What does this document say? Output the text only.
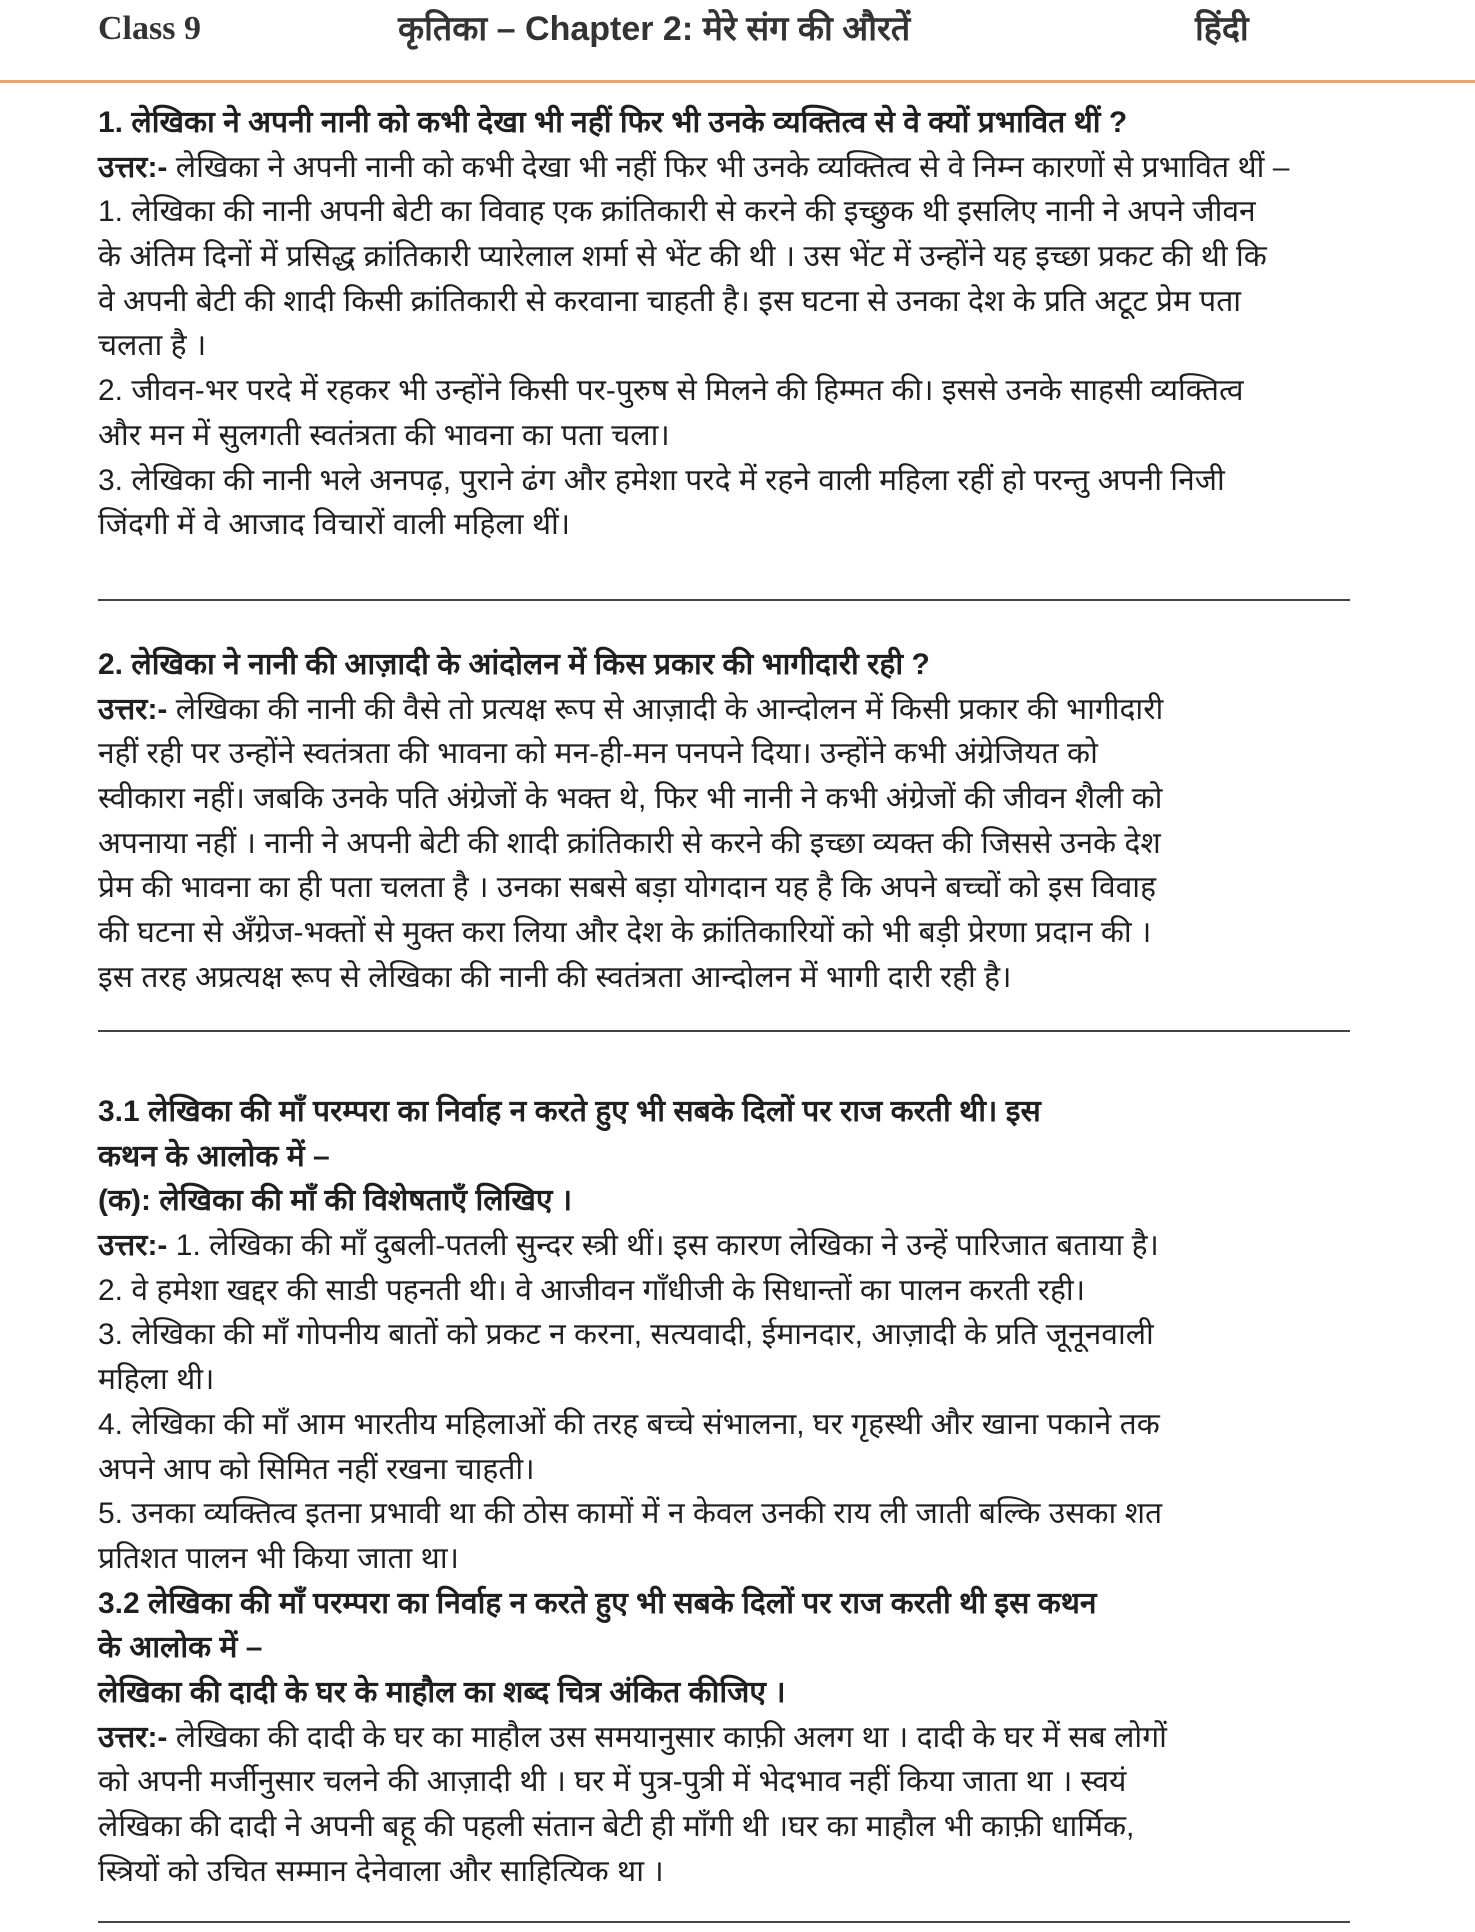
Class 9	कृतिका – Chapter 2: मेरे संग की औरतें	हिंदी
1. लेखिका ने अपनी नानी को कभी देखा भी नहीं फिर भी उनके व्यक्तित्व से वे क्यों प्रभावित थीं ?
उत्तर:- लेखिका ने अपनी नानी को कभी देखा भी नहीं फिर भी उनके व्यक्तित्व से वे निम्न कारणों से प्रभावित थीं –
1. लेखिका की नानी अपनी बेटी का विवाह एक क्रांतिकारी से करने की इच्छुक थी इसलिए नानी ने अपने जीवन
के अंतिम दिनों में प्रसिद्ध क्रांतिकारी प्यारेलाल शर्मा से भेंट की थी । उस भेंट में उन्होंने यह इच्छा प्रकट की थी कि
वे अपनी बेटी की शादी किसी क्रांतिकारी से करवाना चाहती है। इस घटना से उनका देश के प्रति अटूट प्रेम पता
चलता है ।
2. जीवन-भर परदे में रहकर भी उन्होंने किसी पर-पुरुष से मिलने की हिम्मत की। इससे उनके साहसी व्यक्तित्व
और मन में सुलगती स्वतंत्रता की भावना का पता चला।
3. लेखिका की नानी भले अनपढ़, पुराने ढंग और हमेशा परदे में रहने वाली महिला रहीं हो परन्तु अपनी निजी
जिंदगी में वे आजाद विचारों वाली महिला थीं।
2. लेखिका ने नानी की आज़ादी के आंदोलन में किस प्रकार की भागीदारी रही ?
उत्तर:- लेखिका की नानी की वैसे तो प्रत्यक्ष रूप से आज़ादी के आन्दोलन में किसी प्रकार की भागीदारी
नहीं रही पर उन्होंने स्वतंत्रता की भावना को मन-ही-मन पनपने दिया। उन्होंने कभी अंग्रेजियत को
स्वीकारा नहीं। जबकि उनके पति अंग्रेजों के भक्त थे, फिर भी नानी ने कभी अंग्रेजों की जीवन शैली को
अपनाया नहीं । नानी ने अपनी बेटी की शादी क्रांतिकारी से करने की इच्छा व्यक्त की जिससे उनके देश
प्रेम की भावना का ही पता चलता है । उनका सबसे बड़ा योगदान यह है कि अपने बच्चों को इस विवाह
की घटना से अँग्रेज-भक्तों से मुक्त करा लिया और देश के क्रांतिकारियों को भी बड़ी प्रेरणा प्रदान की ।
इस तरह अप्रत्यक्ष रूप से लेखिका की नानी की स्वतंत्रता आन्दोलन में भागी दारी रही है।
3.1 लेखिका की माँ परम्परा का निर्वाह न करते हुए भी सबके दिलों पर राज करती थी। इस
कथन के आलोक में –
(क): लेखिका की माँ की विशेषताएँ लिखिए ।
उत्तर:- 1. लेखिका की माँ दुबली-पतली सुन्दर स्त्री थीं। इस कारण लेखिका ने उन्हें पारिजात बताया है।
2. वे हमेशा खद्दर की साडी पहनती थी। वे आजीवन गाँधीजी के सिधान्तों का पालन करती रही।
3. लेखिका की माँ गोपनीय बातों को प्रकट न करना, सत्यवादी, ईमानदार, आज़ादी के प्रति जूनूनवाली
महिला थी।
4. लेखिका की माँ आम भारतीय महिलाओं की तरह बच्चे संभालना, घर गृहस्थी और खाना पकाने तक
अपने आप को सिमित नहीं रखना चाहती।
5. उनका व्यक्तित्व इतना प्रभावी था की ठोस कामों में न केवल उनकी राय ली जाती बल्कि उसका शत
प्रतिशत पालन भी किया जाता था।
3.2 लेखिका की माँ परम्परा का निर्वाह न करते हुए भी सबके दिलों पर राज करती थी इस कथन
के आलोक में –
लेखिका की दादी के घर के माहौल का शब्द चित्र अंकित कीजिए ।
उत्तर:- लेखिका की दादी के घर का माहौल उस समयानुसार काफ़ी अलग था । दादी के घर में सब लोगों
को अपनी मर्जीनुसार चलने की आज़ादी थी । घर में पुत्र-पुत्री में भेदभाव नहीं किया जाता था । स्वयं
लेखिका की दादी ने अपनी बहू की पहली संतान बेटी ही माँगी थी ।घर का माहौल भी काफ़ी धार्मिक,
स्त्रियों को उचित सम्मान देनेवाला और साहित्यिक था ।
